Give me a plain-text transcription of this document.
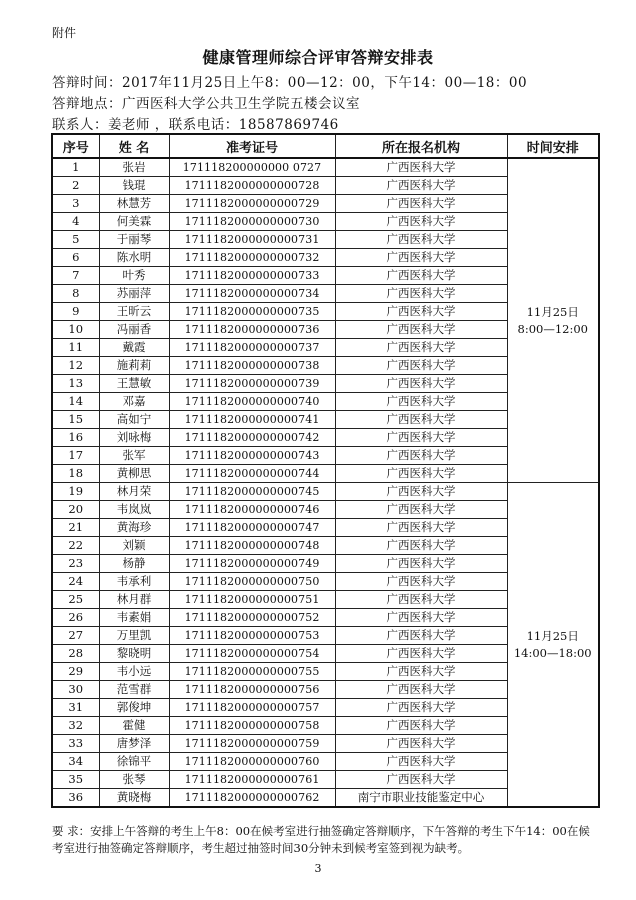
附件
健康管理师综合评审答辩安排表
答辩时间：2017年11月25日上午8：00—12：00，下午14：00—18：00
答辩地点：广西医科大学公共卫生学院五楼会议室
联系人：姜老师 ，联系电话：18587869746
序号	姓 名	准考证号	所在报名机构	时间安排
1	张岩	171118200000000 0727	广西医科大学	11月25日
8:00—12:00

2	钱琨	1711182000000000728	广西医科大学	
3	林慧芳	1711182000000000729	广西医科大学	
4	何美霖	1711182000000000730	广西医科大学	
5	于丽琴	1711182000000000731	广西医科大学	
6	陈水明	1711182000000000732	广西医科大学	
7	叶秀	1711182000000000733	广西医科大学	
8	苏丽萍	1711182000000000734	广西医科大学	
9	王昕云	1711182000000000735	广西医科大学	
10	冯丽香	1711182000000000736	广西医科大学	
11	戴霞	1711182000000000737	广西医科大学	
12	施莉莉	1711182000000000738	广西医科大学	
13	王慧敏	1711182000000000739	广西医科大学	
14	邓嘉	1711182000000000740	广西医科大学	
15	高如宁	1711182000000000741	广西医科大学	
16	刘咏梅	1711182000000000742	广西医科大学	
17	张军	1711182000000000743	广西医科大学	
18	黄柳思	1711182000000000744	广西医科大学	
19	林月荣	1711182000000000745	广西医科大学	11月25日
14:00—18:00

20	韦岚岚	1711182000000000746	广西医科大学	
21	黄海珍	1711182000000000747	广西医科大学	
22	刘颖	1711182000000000748	广西医科大学	
23	杨静	1711182000000000749	广西医科大学	
24	韦承利	1711182000000000750	广西医科大学	
25	林月群	1711182000000000751	广西医科大学	
26	韦素娟	1711182000000000752	广西医科大学	
27	万里凯	1711182000000000753	广西医科大学	
28	黎晓明	1711182000000000754	广西医科大学	
29	韦小远	1711182000000000755	广西医科大学	
30	范雪群	1711182000000000756	广西医科大学	
31	郭俊坤	1711182000000000757	广西医科大学	
32	霍健	1711182000000000758	广西医科大学	
33	唐梦泽	1711182000000000759	广西医科大学	
34	徐锦平	1711182000000000760	广西医科大学	
35	张琴	1711182000000000761	广西医科大学	
36	黄晓梅	1711182000000000762	南宁市职业技能鉴定中心	
要 求：安排上午答辩的考生上午8：00在候考室进行抽签确定答辩顺序，下午答辩的考生下午14：00在候考室进行抽签确定答辩顺序，考生超过抽签时间30分钟未到候考室签到视为缺考。
3
